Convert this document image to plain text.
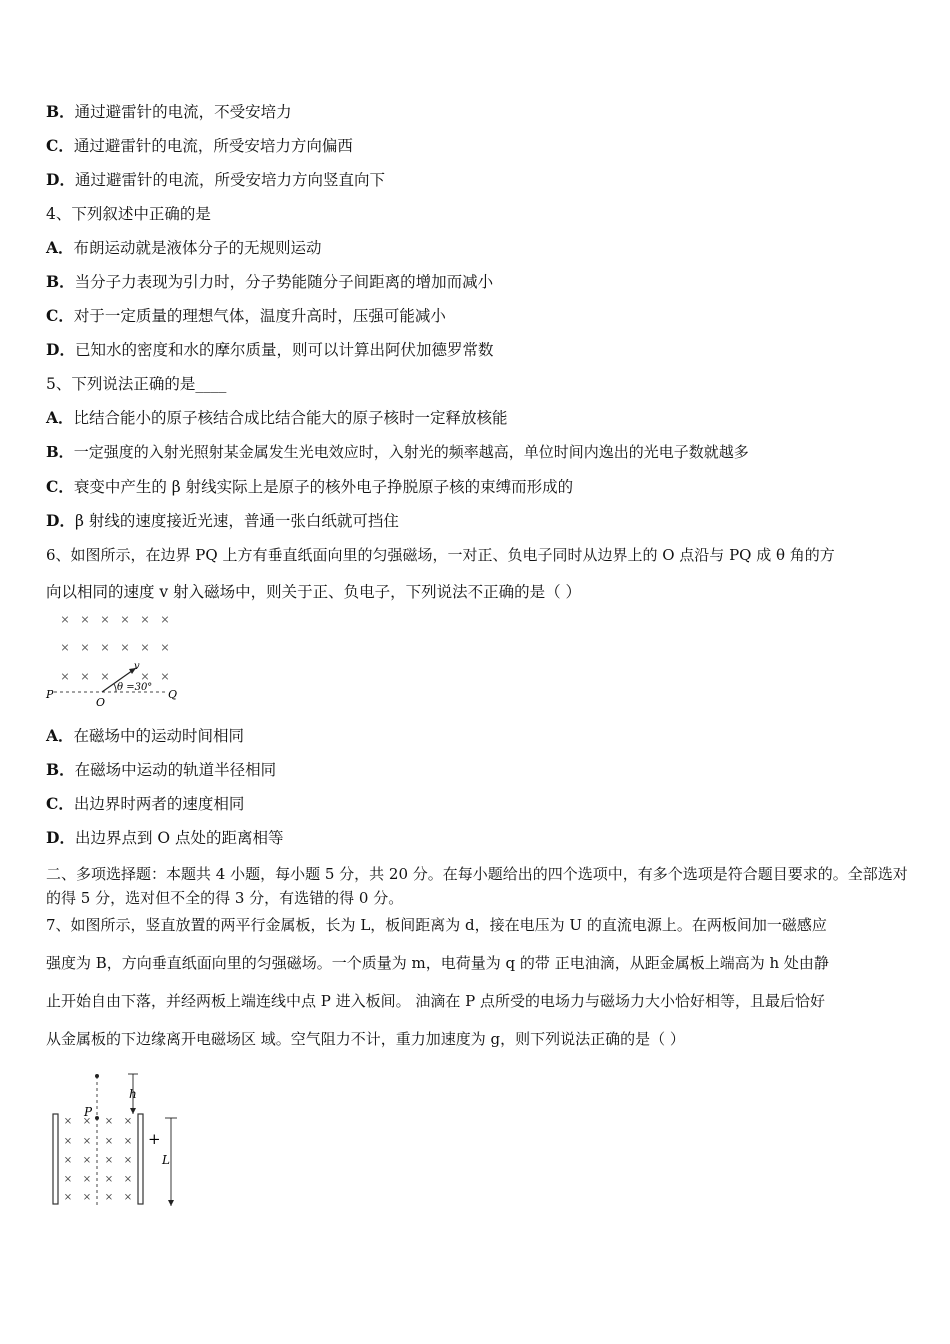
B．通过避雷针的电流，不受安培力
C．通过避雷针的电流，所受安培力方向偏西
D．通过避雷针的电流，所受安培力方向竖直向下
4、下列叙述中正确的是
A．布朗运动就是液体分子的无规则运动
B．当分子力表现为引力时，分子势能随分子间距离的增加而减小
C．对于一定质量的理想气体，温度升高时，压强可能减小
D．已知水的密度和水的摩尔质量，则可以计算出阿伏加德罗常数
5、下列说法正确的是____
A．比结合能小的原子核结合成比结合能大的原子核时一定释放核能
B．一定强度的入射光照射某金属发生光电效应时，入射光的频率越高，单位时间内逸出的光电子数就越多
C．衰变中产生的 β 射线实际上是原子的核外电子挣脱原子核的束缚而形成的
D．β 射线的速度接近光速，普通一张白纸就可挡住
6、如图所示，在边界 PQ 上方有垂直纸面向里的匀强磁场，一对正、负电子同时从边界上的 O 点沿与 PQ 成 θ 角的方
向以相同的速度 v 射入磁场中，则关于正、负电子，下列说法不正确的是（ ）
× × × × × ×
× × × × × ×
× × ×	× ×
v
θ =30°
P
O
Q
A．在磁场中的运动时间相同
B．在磁场中运动的轨道半径相同
C．出边界时两者的速度相同
D．出边界点到 O 点处的距离相等
二、多项选择题：本题共 4 小题，每小题 5 分，共 20 分。在每小题给出的四个选项中，有多个选项是符合题目要求的。全部选对的得 5 分，选对但不全的得 3 分，有选错的得 0 分。
7、如图所示，竖直放置的两平行金属板，长为 L，板间距离为 d，接在电压为 U 的直流电源上。在两板间加一磁感应
强度为 B，方向垂直纸面向里的匀强磁场。一个质量为 m，电荷量为 q 的带 正电油滴，从距金属板上端高为 h 处由静
止开始自由下落，并经两板上端连线中点 P 进入板间。 油滴在 P 点所受的电场力与磁场力大小恰好相等，且最后恰好
从金属板的下边缘离开电磁场区 域。空气阻力不计，重力加速度为 g，则下列说法正确的是（ ）
× × × ×
× × × ×
× × × ×
× × × ×
× × × ×
h
P
+
L
